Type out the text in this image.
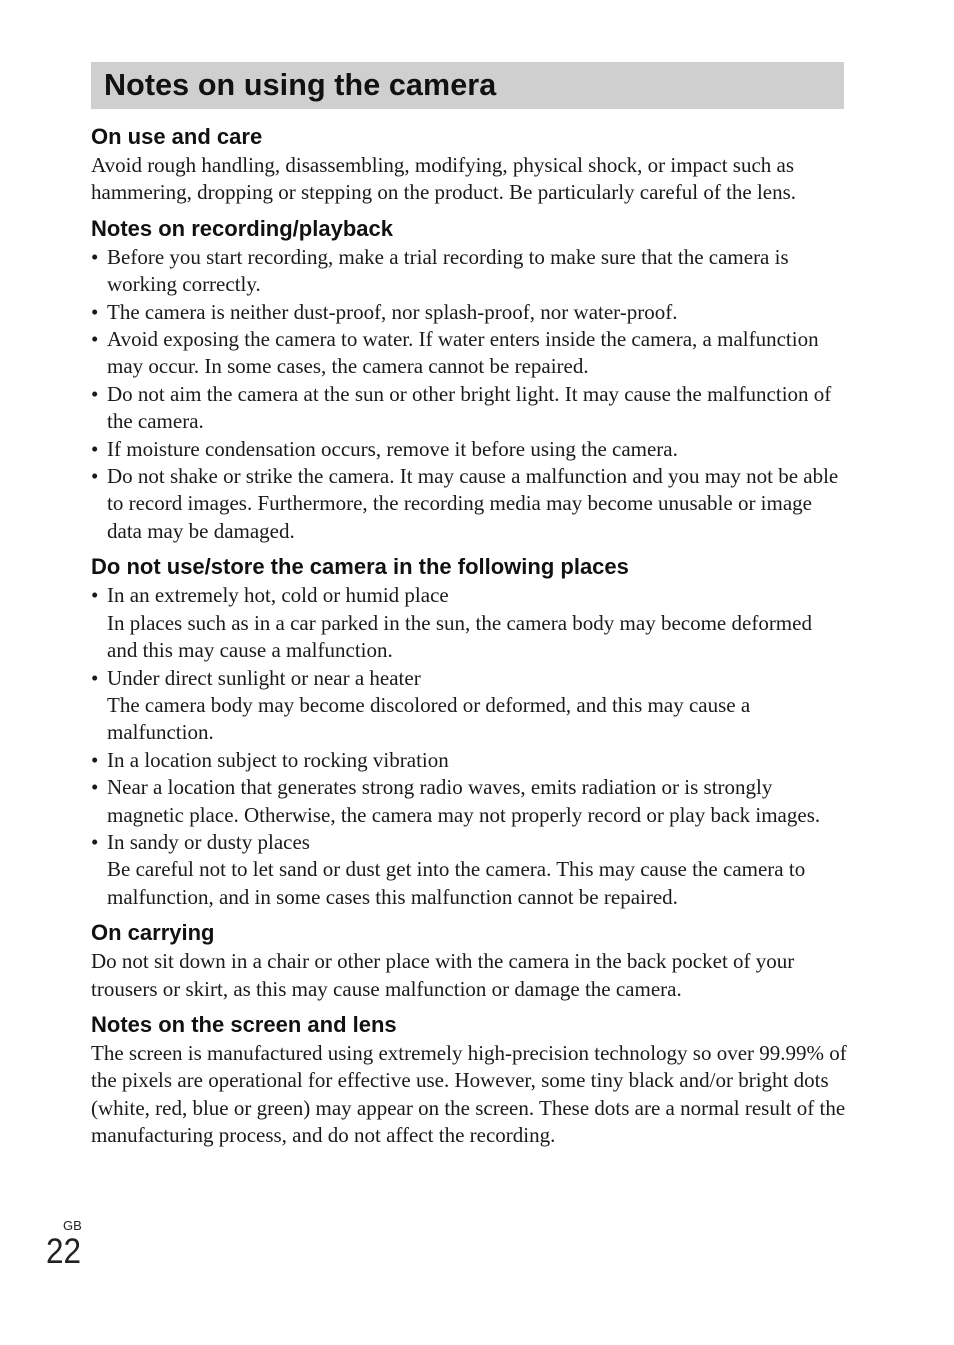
Notes on using the camera
On use and care

Avoid rough handling, disassembling, modifying, physical shock, or impact such as hammering, dropping or stepping on the product. Be particularly careful of the lens.

Notes on recording/playback
• Before you start recording, make a trial recording to make sure that the camera is working correctly.
• The camera is neither dust-proof, nor splash-proof, nor water-proof.
• Avoid exposing the camera to water. If water enters inside the camera, a malfunction may occur. In some cases, the camera cannot be repaired.
• Do not aim the camera at the sun or other bright light. It may cause the malfunction of the camera.
• If moisture condensation occurs, remove it before using the camera.
• Do not shake or strike the camera. It may cause a malfunction and you may not be able to record images. Furthermore, the recording media may become unusable or image data may be damaged.
Do not use/store the camera in the following places
• In an extremely hot, cold or humid place
In places such as in a car parked in the sun, the camera body may become deformed and this may cause a malfunction.
• Under direct sunlight or near a heater
The camera body may become discolored or deformed, and this may cause a malfunction.
• In a location subject to rocking vibration
• Near a location that generates strong radio waves, emits radiation or is strongly magnetic place. Otherwise, the camera may not properly record or play back images.
• In sandy or dusty places
Be careful not to let sand or dust get into the camera. This may cause the camera to malfunction, and in some cases this malfunction cannot be repaired.
On carrying

Do not sit down in a chair or other place with the camera in the back pocket of your trousers or skirt, as this may cause malfunction or damage the camera.

Notes on the screen and lens

The screen is manufactured using extremely high-precision technology so over 99.99% of the pixels are operational for effective use. However, some tiny black and/or bright dots (white, red, blue or green) may appear on the screen. These dots are a normal result of the manufacturing process, and do not affect the recording.

GB
22
